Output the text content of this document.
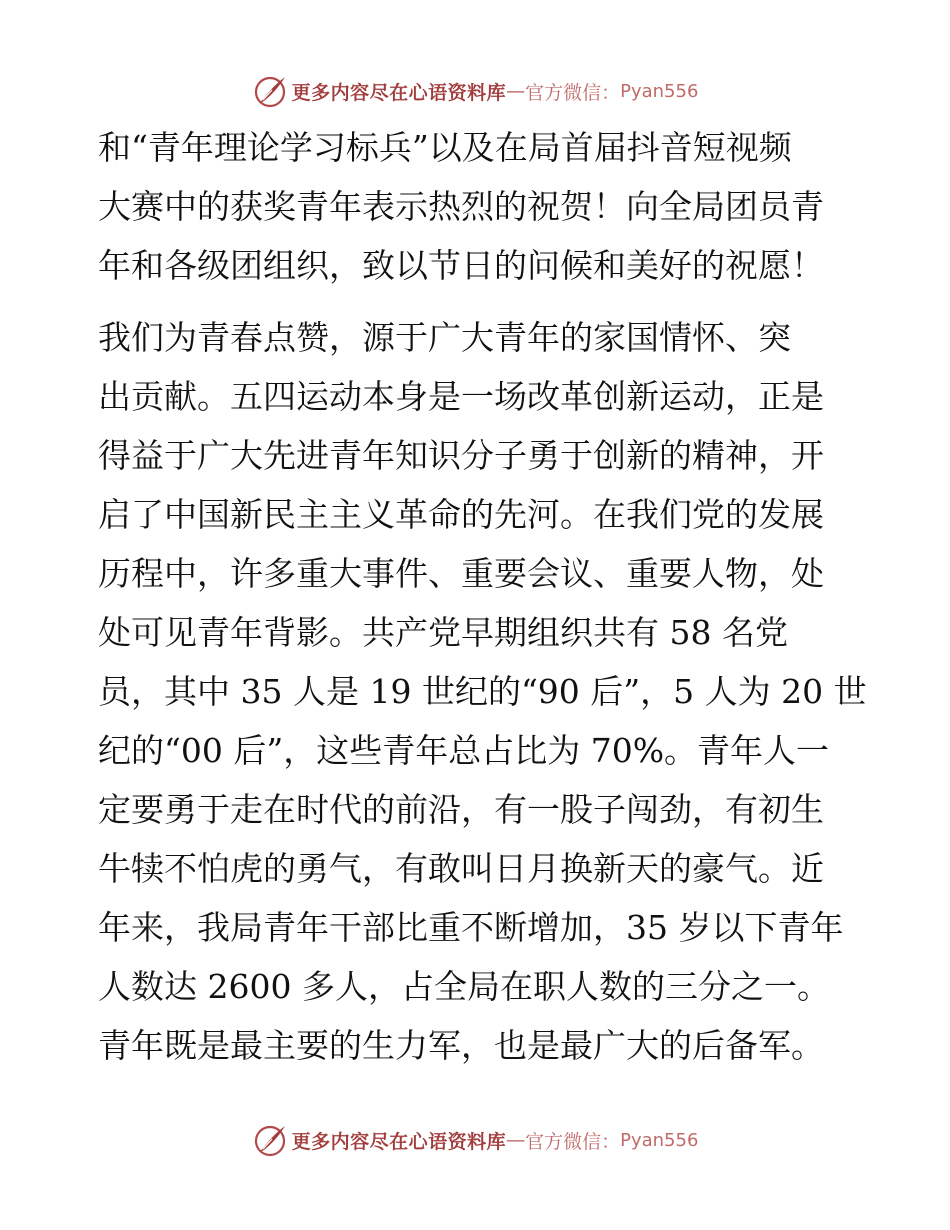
更多内容尽在心语资料库 — 官方微信： Pyan556
和“青年理论学习标兵”以及在局首届抖音短视频
大赛中的获奖青年表示热烈的祝贺！向全局团员青
年和各级团组织，致以节日的问候和美好的祝愿！
我们为青春点赞，源于广大青年的家国情怀、突
出贡献。五四运动本身是一场改革创新运动，正是
得益于广大先进青年知识分子勇于创新的精神，开
启了中国新民主主义革命的先河。在我们党的发展
历程中，许多重大事件、重要会议、重要人物，处
处可见青年背影。共产党早期组织共有 58 名党
员，其中 35 人是 19 世纪的“90 后”，5 人为 20 世
纪的“00 后”，这些青年总占比为 70%。青年人一
定要勇于走在时代的前沿，有一股子闯劲，有初生
牛犊不怕虎的勇气，有敢叫日月换新天的豪气。近
年来，我局青年干部比重不断增加，35 岁以下青年
人数达 2600 多人，占全局在职人数的三分之一。
青年既是最主要的生力军，也是最广大的后备军。
更多内容尽在心语资料库 — 官方微信： Pyan556
